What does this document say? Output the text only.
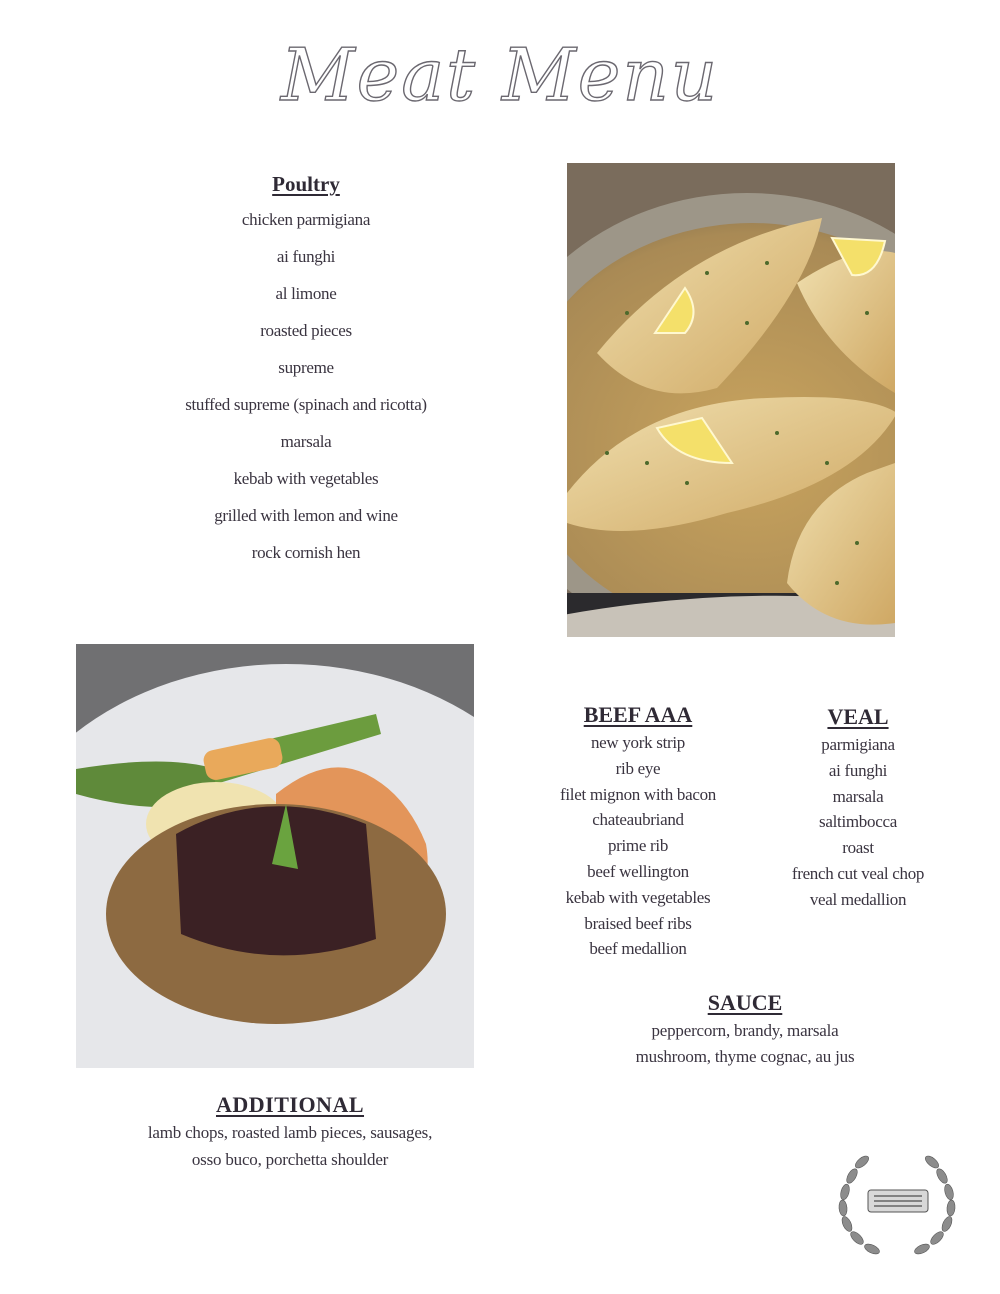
Meat Menu
Poultry
chicken parmigiana
ai funghi
al limone
roasted pieces
supreme
stuffed supreme (spinach and ricotta)
marsala
kebab with vegetables
grilled with lemon and wine
rock cornish hen
BEEF AAA
new york strip
rib eye
filet mignon with bacon
chateaubriand
prime rib
beef wellington
kebab with vegetables
braised beef ribs
beef medallion
VEAL
parmigiana
ai funghi
marsala
saltimbocca
roast
french cut veal chop
veal medallion
SAUCE
peppercorn, brandy, marsala
mushroom, thyme cognac, au jus
ADDITIONAL
lamb chops, roasted lamb pieces, sausages,
osso buco, porchetta shoulder
